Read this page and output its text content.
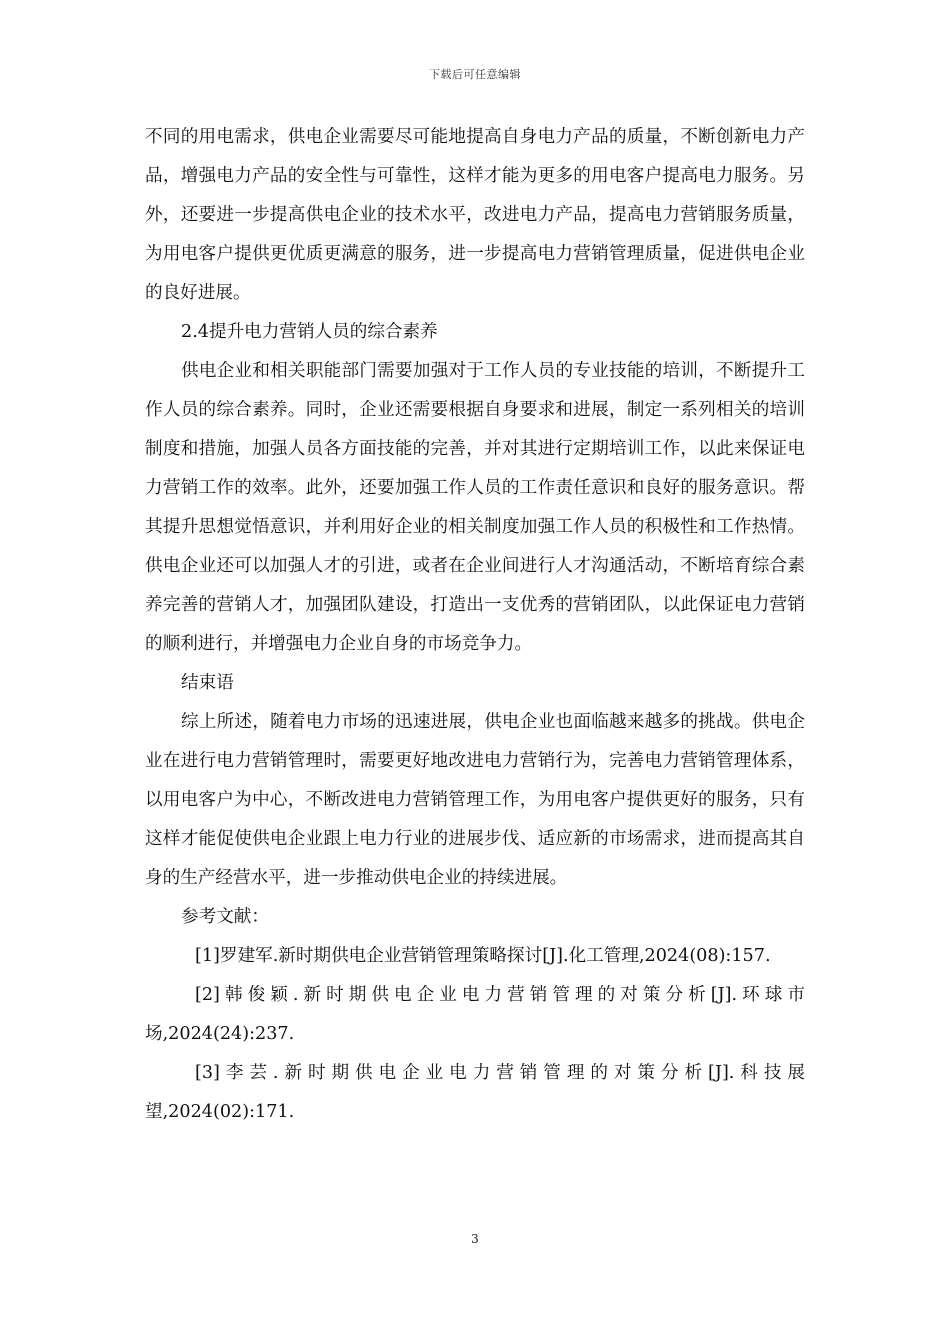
下载后可任意编辑

不同的用电需求，供电企业需要尽可能地提高自身电力产品的质量，不断创新电力产品，增强电力产品的安全性与可靠性，这样才能为更多的用电客户提高电力服务。另外，还要进一步提高供电企业的技术水平，改进电力产品，提高电力营销服务质量，为用电客户提供更优质更满意的服务，进一步提高电力营销管理质量，促进供电企业的良好进展。

2.4提升电力营销人员的综合素养

供电企业和相关职能部门需要加强对于工作人员的专业技能的培训，不断提升工作人员的综合素养。同时，企业还需要根据自身要求和进展，制定一系列相关的培训制度和措施，加强人员各方面技能的完善，并对其进行定期培训工作，以此来保证电力营销工作的效率。此外，还要加强工作人员的工作责任意识和良好的服务意识。帮其提升思想觉悟意识，并利用好企业的相关制度加强工作人员的积极性和工作热情。供电企业还可以加强人才的引进，或者在企业间进行人才沟通活动，不断培育综合素养完善的营销人才，加强团队建设，打造出一支优秀的营销团队，以此保证电力营销的顺利进行，并增强电力企业自身的市场竞争力。

结束语

综上所述，随着电力市场的迅速进展，供电企业也面临越来越多的挑战。供电企业在进行电力营销管理时，需要更好地改进电力营销行为，完善电力营销管理体系，以用电客户为中心，不断改进电力营销管理工作，为用电客户提供更好的服务，只有这样才能促使供电企业跟上电力行业的进展步伐、适应新的市场需求，进而提高其自身的生产经营水平，进一步推动供电企业的持续进展。

参考文献：

[1]罗建军.新时期供电企业营销管理策略探讨[J].化工管理,2024(08):157.

[2]韩俊颖.新时期供电企业电力营销管理的对策分析[J].环球市场,2024(24):237.

[3]李芸.新时期供电企业电力营销管理的对策分析[J].科技展望,2024(02):171.

3
